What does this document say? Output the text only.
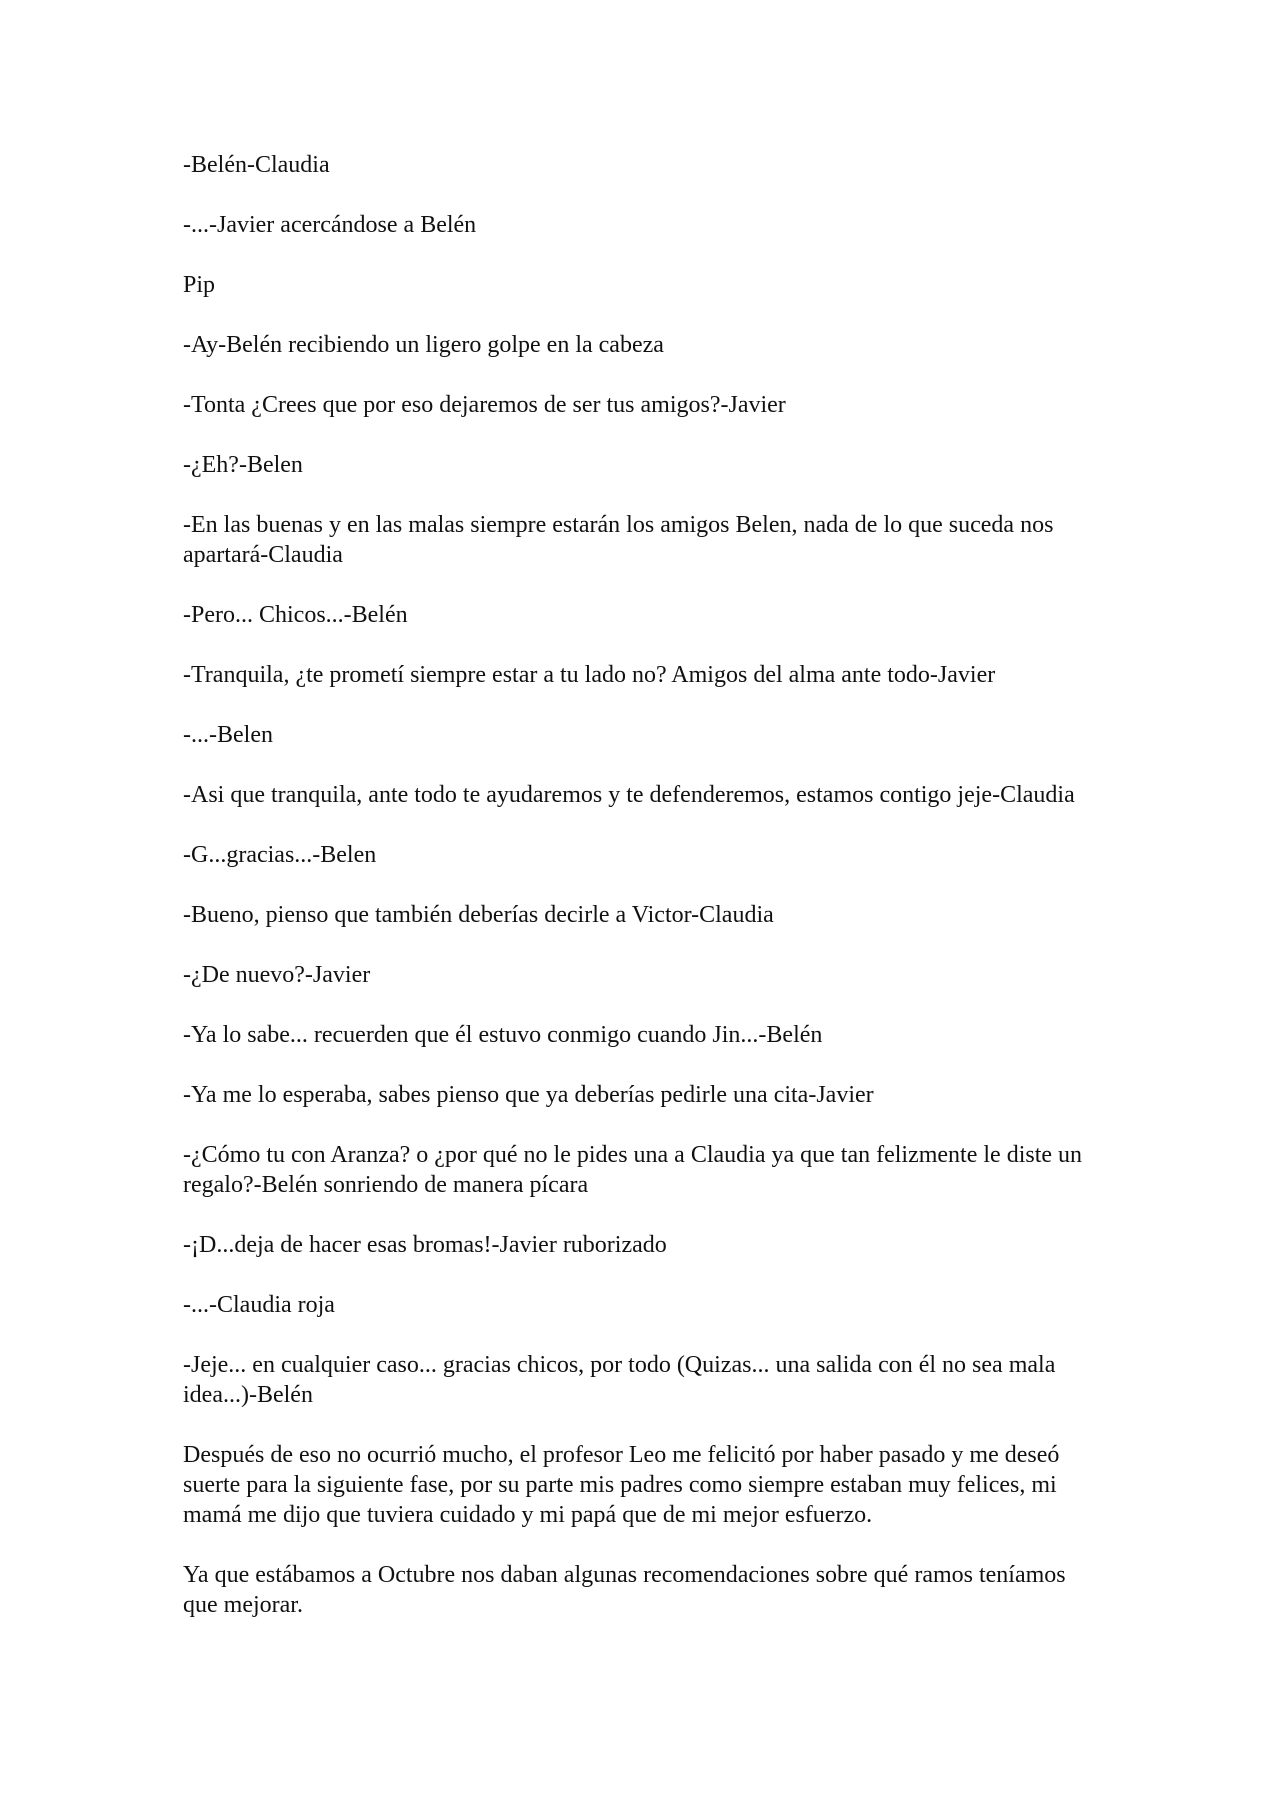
-Belén-Claudia

-...-Javier acercándose a Belén

Pip

-Ay-Belén recibiendo un ligero golpe en la cabeza

-Tonta ¿Crees que por eso dejaremos de ser tus amigos?-Javier

-¿Eh?-Belen

-En las buenas y en las malas siempre estarán los amigos Belen, nada de lo que suceda nos apartará-Claudia

-Pero... Chicos...-Belén

-Tranquila, ¿te prometí siempre estar a tu lado no? Amigos del alma ante todo-Javier

-...-Belen

-Asi que tranquila, ante todo te ayudaremos y te defenderemos, estamos contigo jeje-Claudia

-G...gracias...-Belen

-Bueno, pienso que también deberías decirle a Victor-Claudia

-¿De nuevo?-Javier

-Ya lo sabe... recuerden que él estuvo conmigo cuando Jin...-Belén

-Ya me lo esperaba, sabes pienso que ya deberías pedirle una cita-Javier

-¿Cómo tu con Aranza? o ¿por qué no le pides una a Claudia ya que tan felizmente le diste un regalo?-Belén sonriendo de manera pícara

-¡D...deja de hacer esas bromas!-Javier ruborizado

-...-Claudia roja

-Jeje... en cualquier caso... gracias chicos, por todo (Quizas... una salida con él no sea mala idea...)-Belén

Después de eso no ocurrió mucho, el profesor Leo me felicitó por haber pasado y me deseó suerte para la siguiente fase, por su parte mis padres como siempre estaban muy felices, mi mamá me dijo que tuviera cuidado y mi papá que de mi mejor esfuerzo.

Ya que estábamos a Octubre nos daban algunas recomendaciones sobre qué ramos teníamos que mejorar.
